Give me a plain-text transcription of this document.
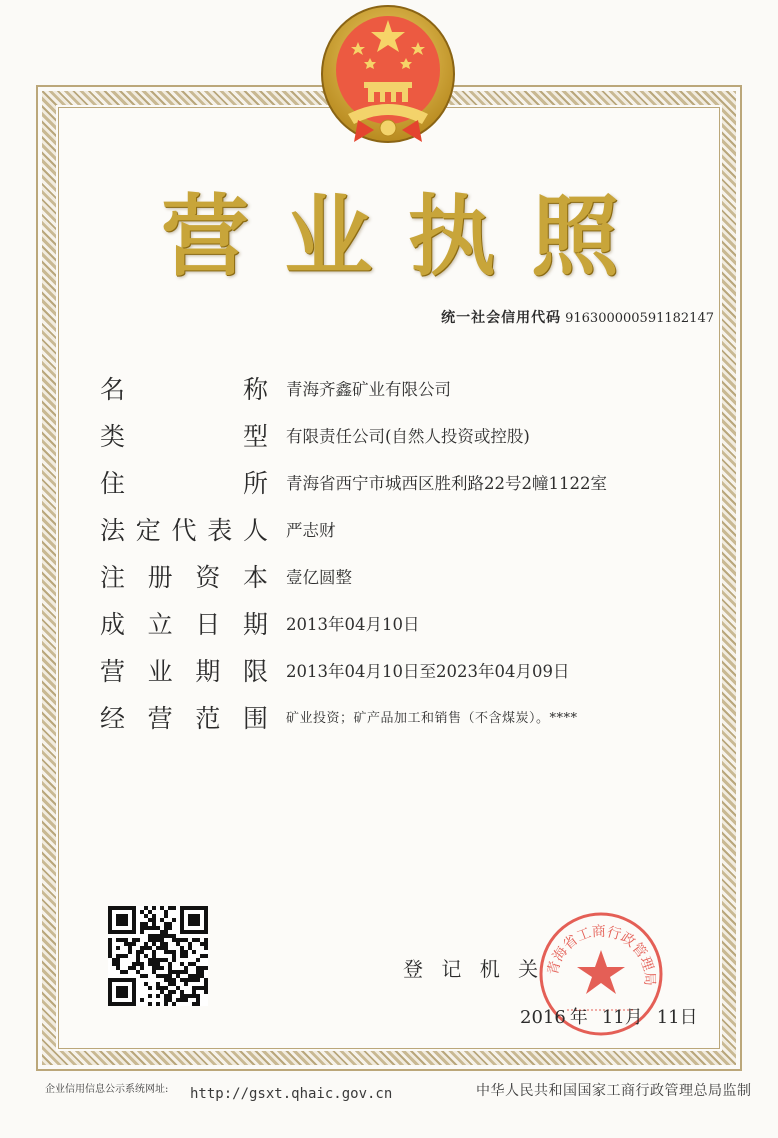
营 业 执 照
统一社会信用代码 916300000591182147
名	称 青海齐鑫矿业有限公司
类	型 有限责任公司(自然人投资或控股)
住	所 青海省西宁市城西区胜利路22号2幢1122室
法 定 代 表 人 严志财
注 册 资 本 壹亿圆整
成 立 日 期 2013年04月10日
营 业 期 限 2013年04月10日至2023年04月09日
经 营 范 围 矿业投资；矿产品加工和销售（不含煤炭）。****
青海省工商行政管理局
登 记 机 关
2016 年 11月 11日
企业信用信息公示系统网址: http://gsxt.qhaic.gov.cn	中华人民共和国国家工商行政管理总局监制
